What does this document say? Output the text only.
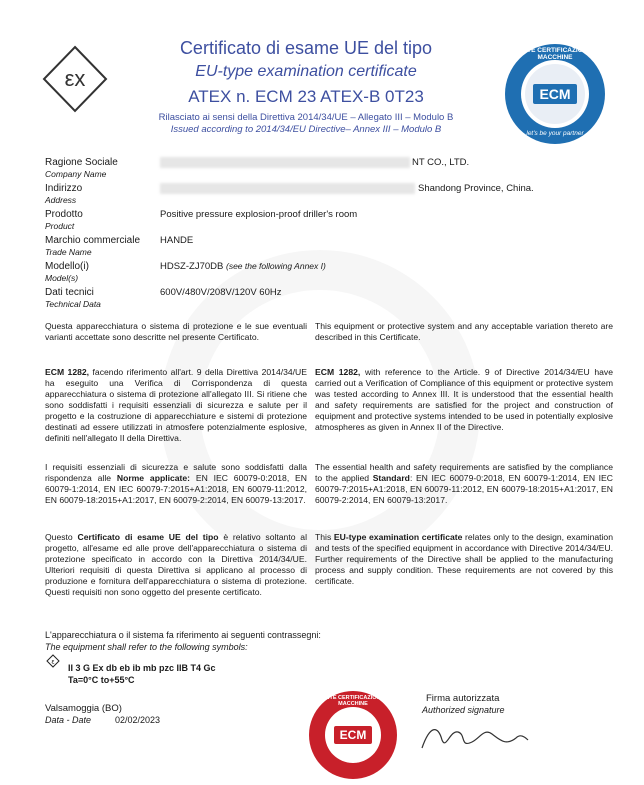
εx
ENTE CERTIFICAZIONE MACCHINE
ECM
let's be your partner
Certificato di esame UE del tipo
EU-type examination certificate
ATEX n. ECM 23 ATEX-B 0T23
Rilasciato ai sensi della Direttiva 2014/34/UE – Allegato III – Modulo B
Issued according to 2014/34/EU Directive– Annex III – Modulo B
Ragione Sociale
Company Name
NT CO., LTD.
Indirizzo
Address
Shandong Province, China.
Prodotto
Product
Positive pressure explosion-proof driller's room
Marchio commerciale
Trade Name
HANDE
Modello(i)
Model(s)
HDSZ-ZJ70DB (see the following Annex I)
Dati tecnici
Technical Data
600V/480V/208V/120V 60Hz
Questa apparecchiatura o sistema di protezione e le sue eventuali varianti accettate sono descritte nel presente Certificato.
This equipment or protective system and any acceptable variation thereto are described in this Certificate.
ECM 1282, facendo riferimento all'art. 9 della Direttiva 2014/34/UE ha eseguito una Verifica di Corrispondenza di questa apparecchiatura o sistema di protezione all'allegato III. Si ritiene che sono soddisfatti i requisiti essenziali di sicurezza e salute per il progetto e la costruzione di apparecchiature e sistemi di protezione destinati ad essere utilizzati in atmosfere potenzialmente esplosive, definiti nell'allegato II della Direttiva.
ECM 1282, with reference to the Article. 9 of Directive 2014/34/EU have carried out a Verification of Compliance of this equipment or protective system was tested according to Annex III. It is understood that the essential health and safety requirements are satisfied for the project and construction of equipment and protective systems intended to be used in potentially explosive atmospheres as given in Annex II of the Directive.
I requisiti essenziali di sicurezza e salute sono soddisfatti dalla rispondenza alle Norme applicate: EN IEC 60079-0:2018, EN 60079-1:2014, EN IEC 60079-7:2015+A1:2018, EN 60079-11:2012, EN 60079-18:2015+A1:2017, EN 60079-2:2014, EN 60079-13:2017.
The essential health and safety requirements are satisfied by the compliance to the applied Standard: EN IEC 60079-0:2018, EN 60079-1:2014, EN IEC 60079-7:2015+A1:2018, EN 60079-11:2012, EN 60079-18:2015+A1:2017, EN 60079-2:2014, EN 60079-13:2017.
Questo Certificato di esame UE del tipo è relativo soltanto al progetto, all'esame ed alle prove dell'apparecchiatura o sistema di protezione specificato in accordo con la Direttiva 2014/34/UE. Ulteriori requisiti di questa Direttiva si applicano al processo di produzione e fornitura dell'apparecchiatura o sistema di protezione. Questi requisiti non sono oggetto del presente certificato.
This EU-type examination certificate relates only to the design, examination and tests of the specified equipment in accordance with Directive 2014/34/EU. Further requirements of the Directive shall be applied to the manufacturing process and supply condition. These requirements are not covered by this certificate.
L'apparecchiatura o il sistema fa riferimento ai seguenti contrassegni:
The equipment shall refer to the following symbols:
ε
II 3 G Ex db eb ib mb pzc IIB T4 Gc
Ta=0°C to+55°C
Valsamoggia (BO)
Data - Date	02/02/2023
Firma autorizzata
Authorized signature
ECM
ENTE CERTIFICAZIONE MACCHINE
